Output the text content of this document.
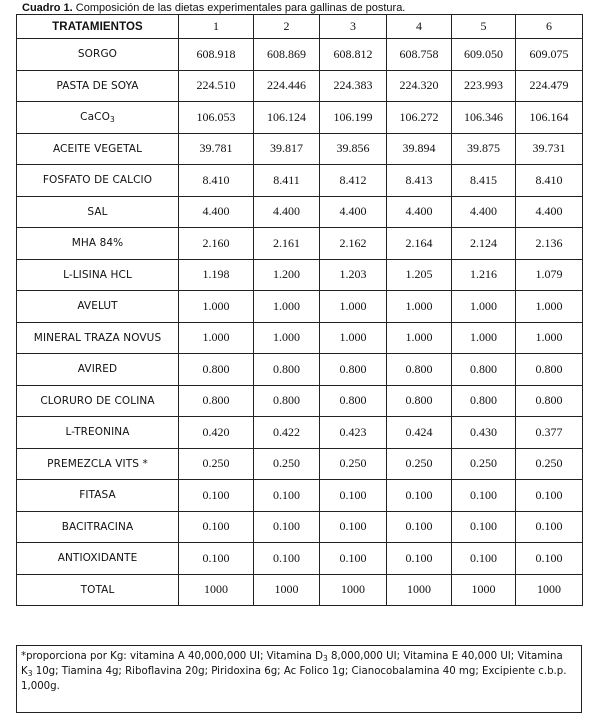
Cuadro 1. Composición de las dietas experimentales para gallinas de postura.
TRATAMIENTOS	1	2	3	4	5	6
SORGO	608.918	608.869	608.812	608.758	609.050	609.075
PASTA DE SOYA	224.510	224.446	224.383	224.320	223.993	224.479
CaCO$_3$	106.053	106.124	106.199	106.272	106.346	106.164
ACEITE VEGETAL	39.781	39.817	39.856	39.894	39.875	39.731
FOSFATO DE CALCIO	8.410	8.411	8.412	8.413	8.415	8.410
SAL	4.400	4.400	4.400	4.400	4.400	4.400
MHA 84%	2.160	2.161	2.162	2.164	2.124	2.136
L-LISINA HCL	1.198	1.200	1.203	1.205	1.216	1.079
AVELUT	1.000	1.000	1.000	1.000	1.000	1.000
MINERAL TRAZA NOVUS	1.000	1.000	1.000	1.000	1.000	1.000
AVIRED	0.800	0.800	0.800	0.800	0.800	0.800
CLORURO DE COLINA	0.800	0.800	0.800	0.800	0.800	0.800
L-TREONINA	0.420	0.422	0.423	0.424	0.430	0.377
PREMEZCLA VITS *	0.250	0.250	0.250	0.250	0.250	0.250
FITASA	0.100	0.100	0.100	0.100	0.100	0.100
BACITRACINA	0.100	0.100	0.100	0.100	0.100	0.100
ANTIOXIDANTE	0.100	0.100	0.100	0.100	0.100	0.100
TOTAL	1000	1000	1000	1000	1000	1000
*proporciona por Kg: vitamina A 40,000,000 UI; Vitamina $D_3$ 8,000,000 UI; Vitamina E 40,000 UI; Vitamina $K_3$ 10g; Tiamina 4g; Riboflavina 20g; Piridoxina 6g; Ac Folico 1g; Cianocobalamina 40 mg; Excipiente c.b.p. 1,000g.
